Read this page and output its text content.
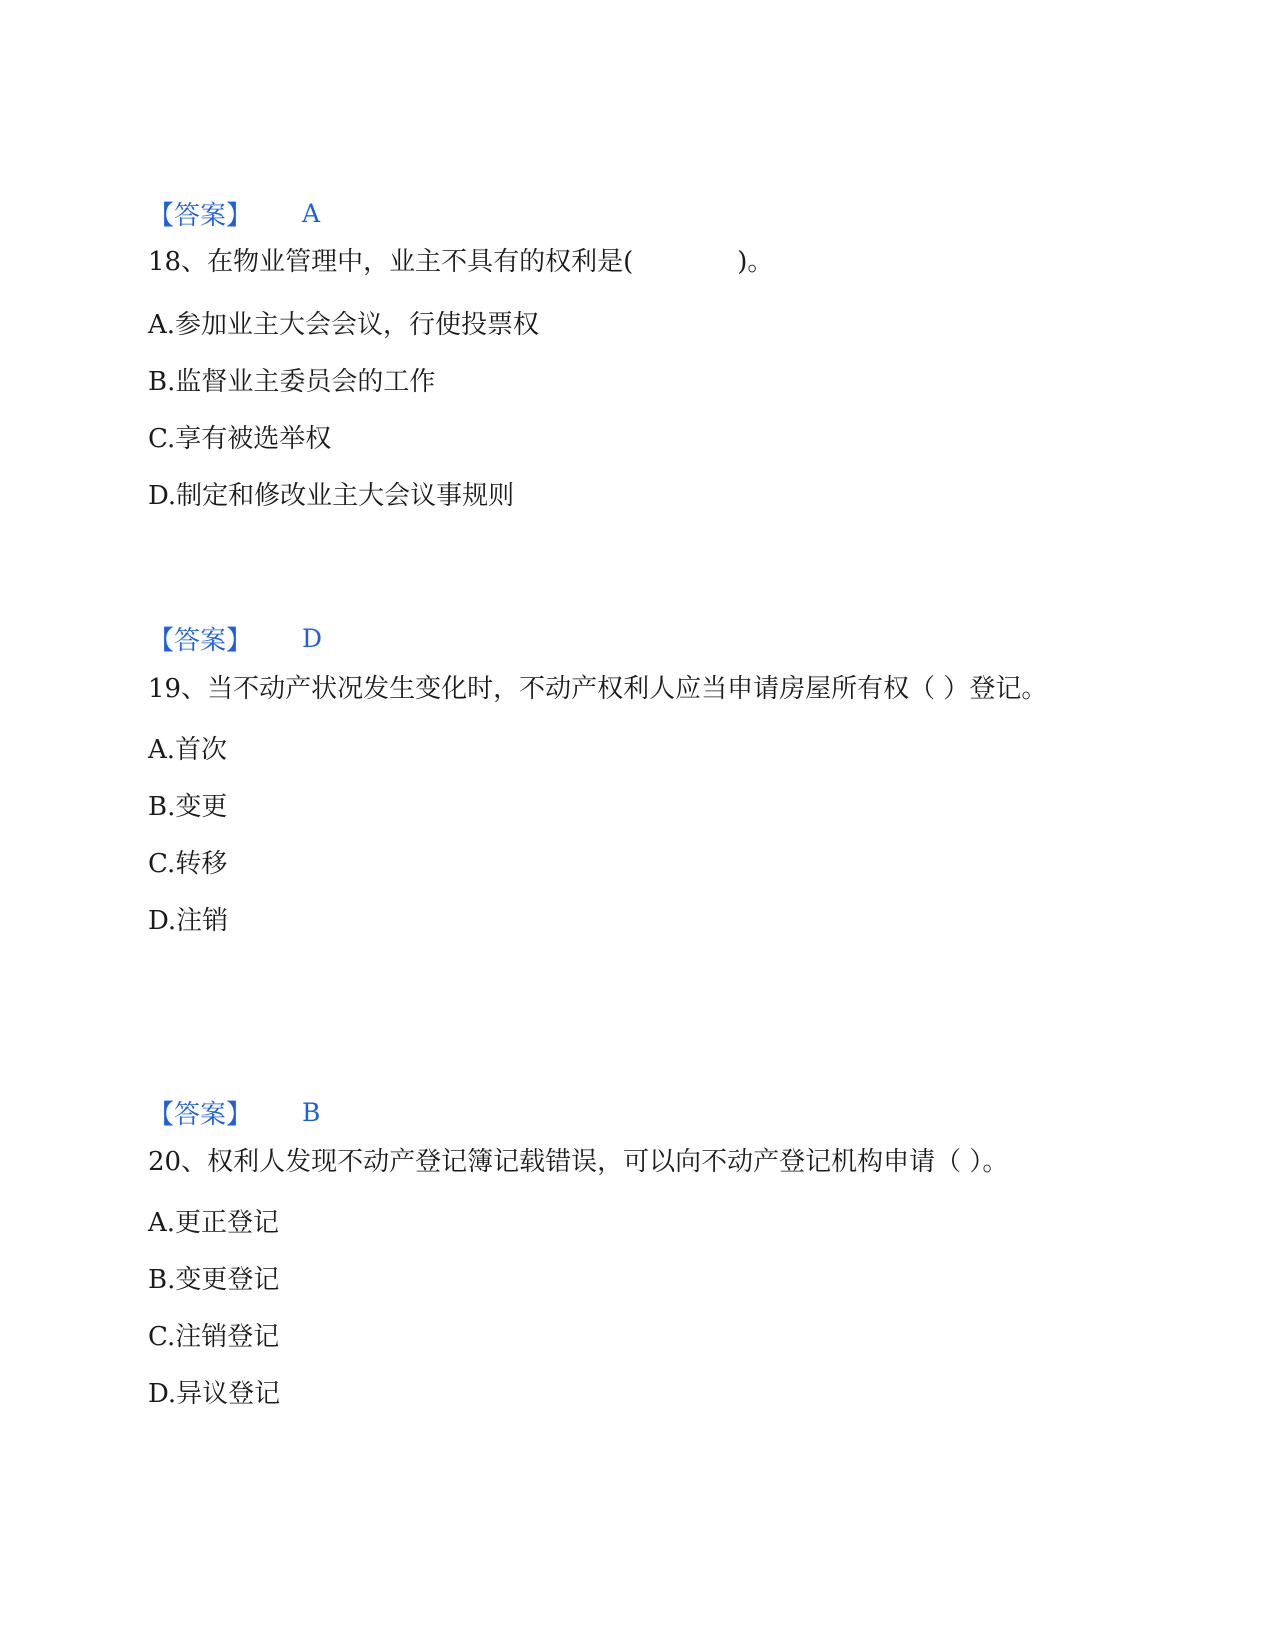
【答案】 A

18、在物业管理中，业主不具有的权利是(　　　　)。

A.参加业主大会会议，行使投票权
B.监督业主委员会的工作
C.享有被选举权
D.制定和修改业主大会议事规则
【答案】 D

19、当不动产状况发生变化时，不动产权利人应当申请房屋所有权（ ）登记。

A.首次
B.变更
C.转移
D.注销
【答案】 B

20、权利人发现不动产登记簿记载错误，可以向不动产登记机构申请（ ）。

A.更正登记
B.变更登记
C.注销登记
D.异议登记
